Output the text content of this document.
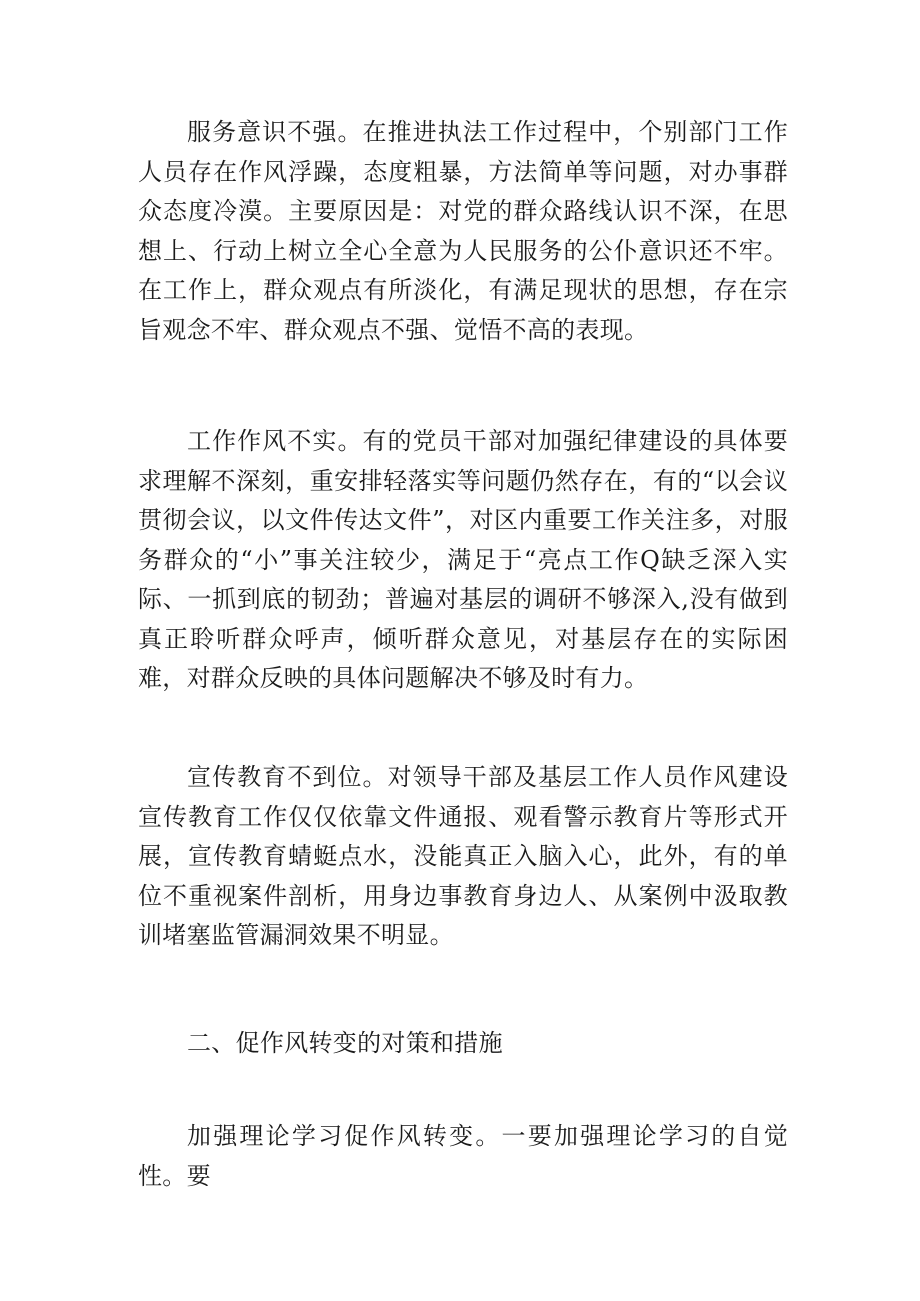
服务意识不强。在推进执法工作过程中，个别部门工作人员存在作风浮躁，态度粗暴，方法简单等问题，对办事群众态度冷漠。主要原因是：对党的群众路线认识不深，在思想上、行动上树立全心全意为人民服务的公仆意识还不牢。在工作上，群众观点有所淡化，有满足现状的思想，存在宗旨观念不牢、群众观点不强、觉悟不高的表现。

工作作风不实。有的党员干部对加强纪律建设的具体要求理解不深刻，重安排轻落实等问题仍然存在，有的“以会议贯彻会议，以文件传达文件”，对区内重要工作关注多，对服务群众的“小”事关注较少，满足于“亮点工作Q缺乏深入实际、一抓到底的韧劲；普遍对基层的调研不够深入,没有做到真正聆听群众呼声，倾听群众意见，对基层存在的实际困难，对群众反映的具体问题解决不够及时有力。

宣传教育不到位。对领导干部及基层工作人员作风建设宣传教育工作仅仅依靠文件通报、观看警示教育片等形式开展，宣传教育蜻蜓点水，没能真正入脑入心，此外，有的单位不重视案件剖析，用身边事教育身边人、从案例中汲取教训堵塞监管漏洞效果不明显。

二、促作风转变的对策和措施

加强理论学习促作风转变。一要加强理论学习的自觉性。要
